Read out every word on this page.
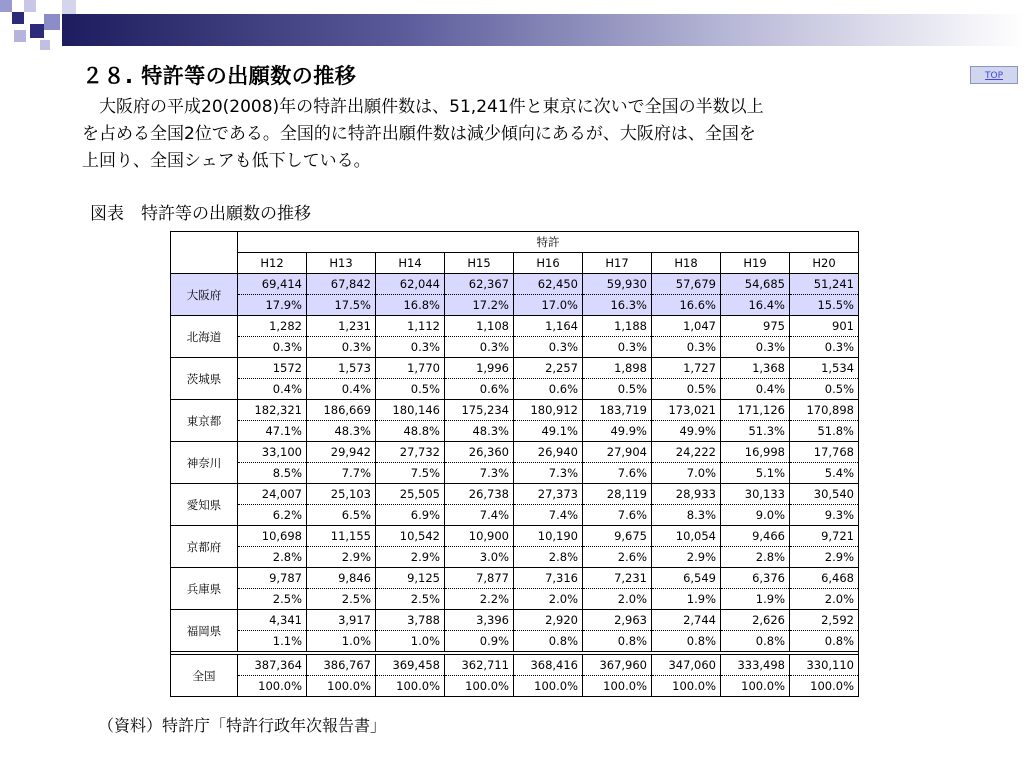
２８. 特許等の出願数の推移	TOP
　大阪府の平成20(2008)年の特許出願件数は、51,241件と東京に次いで全国の半数以上
を占める全国2位である。全国的に特許出願件数は減少傾向にあるが、大阪府は、全国を
上回り、全国シェアも低下している。
図表　特許等の出願数の推移
	特許								
	H12	H13	H14	H15	H16	H17	H18	H19	H20
大阪府	69,414	67,842	62,044	62,367	62,450	59,930	57,679	54,685	51,241
	17.9%	17.5%	16.8%	17.2%	17.0%	16.3%	16.6%	16.4%	15.5%
北海道	1,282	1,231	1,112	1,108	1,164	1,188	1,047	975	901
	0.3%	0.3%	0.3%	0.3%	0.3%	0.3%	0.3%	0.3%	0.3%
茨城県	1572	1,573	1,770	1,996	2,257	1,898	1,727	1,368	1,534
	0.4%	0.4%	0.5%	0.6%	0.6%	0.5%	0.5%	0.4%	0.5%
東京都	182,321	186,669	180,146	175,234	180,912	183,719	173,021	171,126	170,898
	47.1%	48.3%	48.8%	48.3%	49.1%	49.9%	49.9%	51.3%	51.8%
神奈川	33,100	29,942	27,732	26,360	26,940	27,904	24,222	16,998	17,768
	8.5%	7.7%	7.5%	7.3%	7.3%	7.6%	7.0%	5.1%	5.4%
愛知県	24,007	25,103	25,505	26,738	27,373	28,119	28,933	30,133	30,540
	6.2%	6.5%	6.9%	7.4%	7.4%	7.6%	8.3%	9.0%	9.3%
京都府	10,698	11,155	10,542	10,900	10,190	9,675	10,054	9,466	9,721
	2.8%	2.9%	2.9%	3.0%	2.8%	2.6%	2.9%	2.8%	2.9%
兵庫県	9,787	9,846	9,125	7,877	7,316	7,231	6,549	6,376	6,468
	2.5%	2.5%	2.5%	2.2%	2.0%	2.0%	1.9%	1.9%	2.0%
福岡県	4,341	3,917	3,788	3,396	2,920	2,963	2,744	2,626	2,592
	1.1%	1.0%	1.0%	0.9%	0.8%	0.8%	0.8%	0.8%	0.8%

全国	387,364	386,767	369,458	362,711	368,416	367,960	347,060	333,498	330,110
	100.0%	100.0%	100.0%	100.0%	100.0%	100.0%	100.0%	100.0%	100.0%
（資料）特許庁「特許行政年次報告書」
